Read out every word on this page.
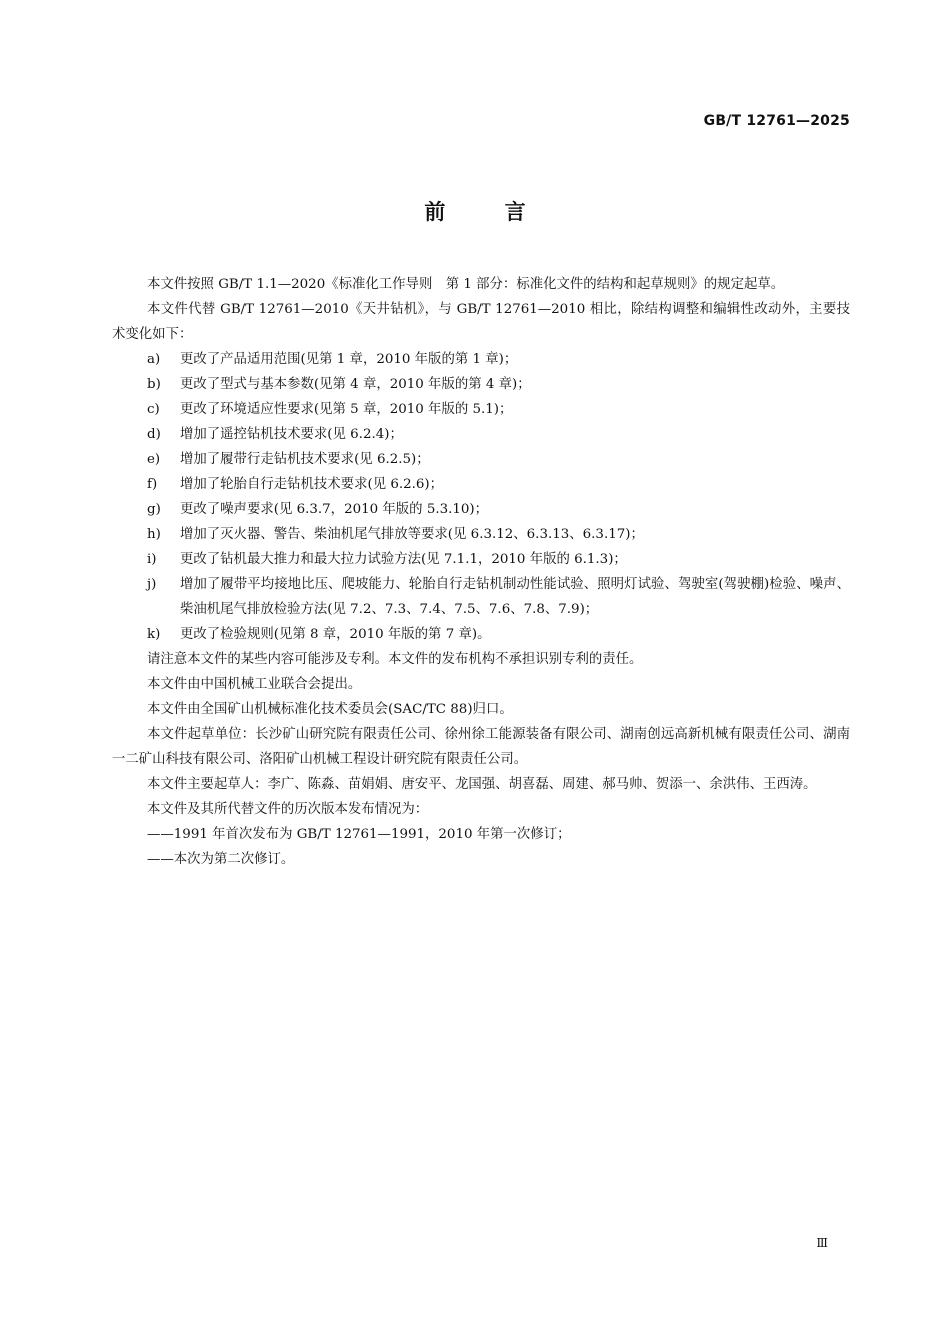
GB/T 12761—2025
前 言

本文件按照 GB/T 1.1—2020《标准化工作导则　第 1 部分：标准化文件的结构和起草规则》的规定起草。

本文件代替 GB/T 12761—2010《天井钻机》，与 GB/T 12761—2010 相比，除结构调整和编辑性改动外，主要技术变化如下：

a) 更改了产品适用范围(见第 1 章，2010 年版的第 1 章)；

b) 更改了型式与基本参数(见第 4 章，2010 年版的第 4 章)；

c) 更改了环境适应性要求(见第 5 章，2010 年版的 5.1)；

d) 增加了遥控钻机技术要求(见 6.2.4)；

e) 增加了履带行走钻机技术要求(见 6.2.5)；

f) 增加了轮胎自行走钻机技术要求(见 6.2.6)；

g) 更改了噪声要求(见 6.3.7，2010 年版的 5.3.10)；

h) 增加了灭火器、警告、柴油机尾气排放等要求(见 6.3.12、6.3.13、6.3.17)；

i) 更改了钻机最大推力和最大拉力试验方法(见 7.1.1，2010 年版的 6.1.3)；

j) 增加了履带平均接地比压、爬坡能力、轮胎自行走钻机制动性能试验、照明灯试验、驾驶室(驾驶棚)检验、噪声、柴油机尾气排放检验方法(见 7.2、7.3、7.4、7.5、7.6、7.8、7.9)；

k) 更改了检验规则(见第 8 章，2010 年版的第 7 章)。

请注意本文件的某些内容可能涉及专利。本文件的发布机构不承担识别专利的责任。

本文件由中国机械工业联合会提出。

本文件由全国矿山机械标准化技术委员会(SAC/TC 88)归口。

本文件起草单位：长沙矿山研究院有限责任公司、徐州徐工能源装备有限公司、湖南创远高新机械有限责任公司、湖南一二矿山科技有限公司、洛阳矿山机械工程设计研究院有限责任公司。

本文件主要起草人：李广、陈淼、苗娟娟、唐安平、龙国强、胡喜磊、周建、郝马帅、贺添一、余洪伟、王西涛。

本文件及其所代替文件的历次版本发布情况为：

——1991 年首次发布为 GB/T 12761—1991，2010 年第一次修订；

——本次为第二次修订。

Ⅲ
